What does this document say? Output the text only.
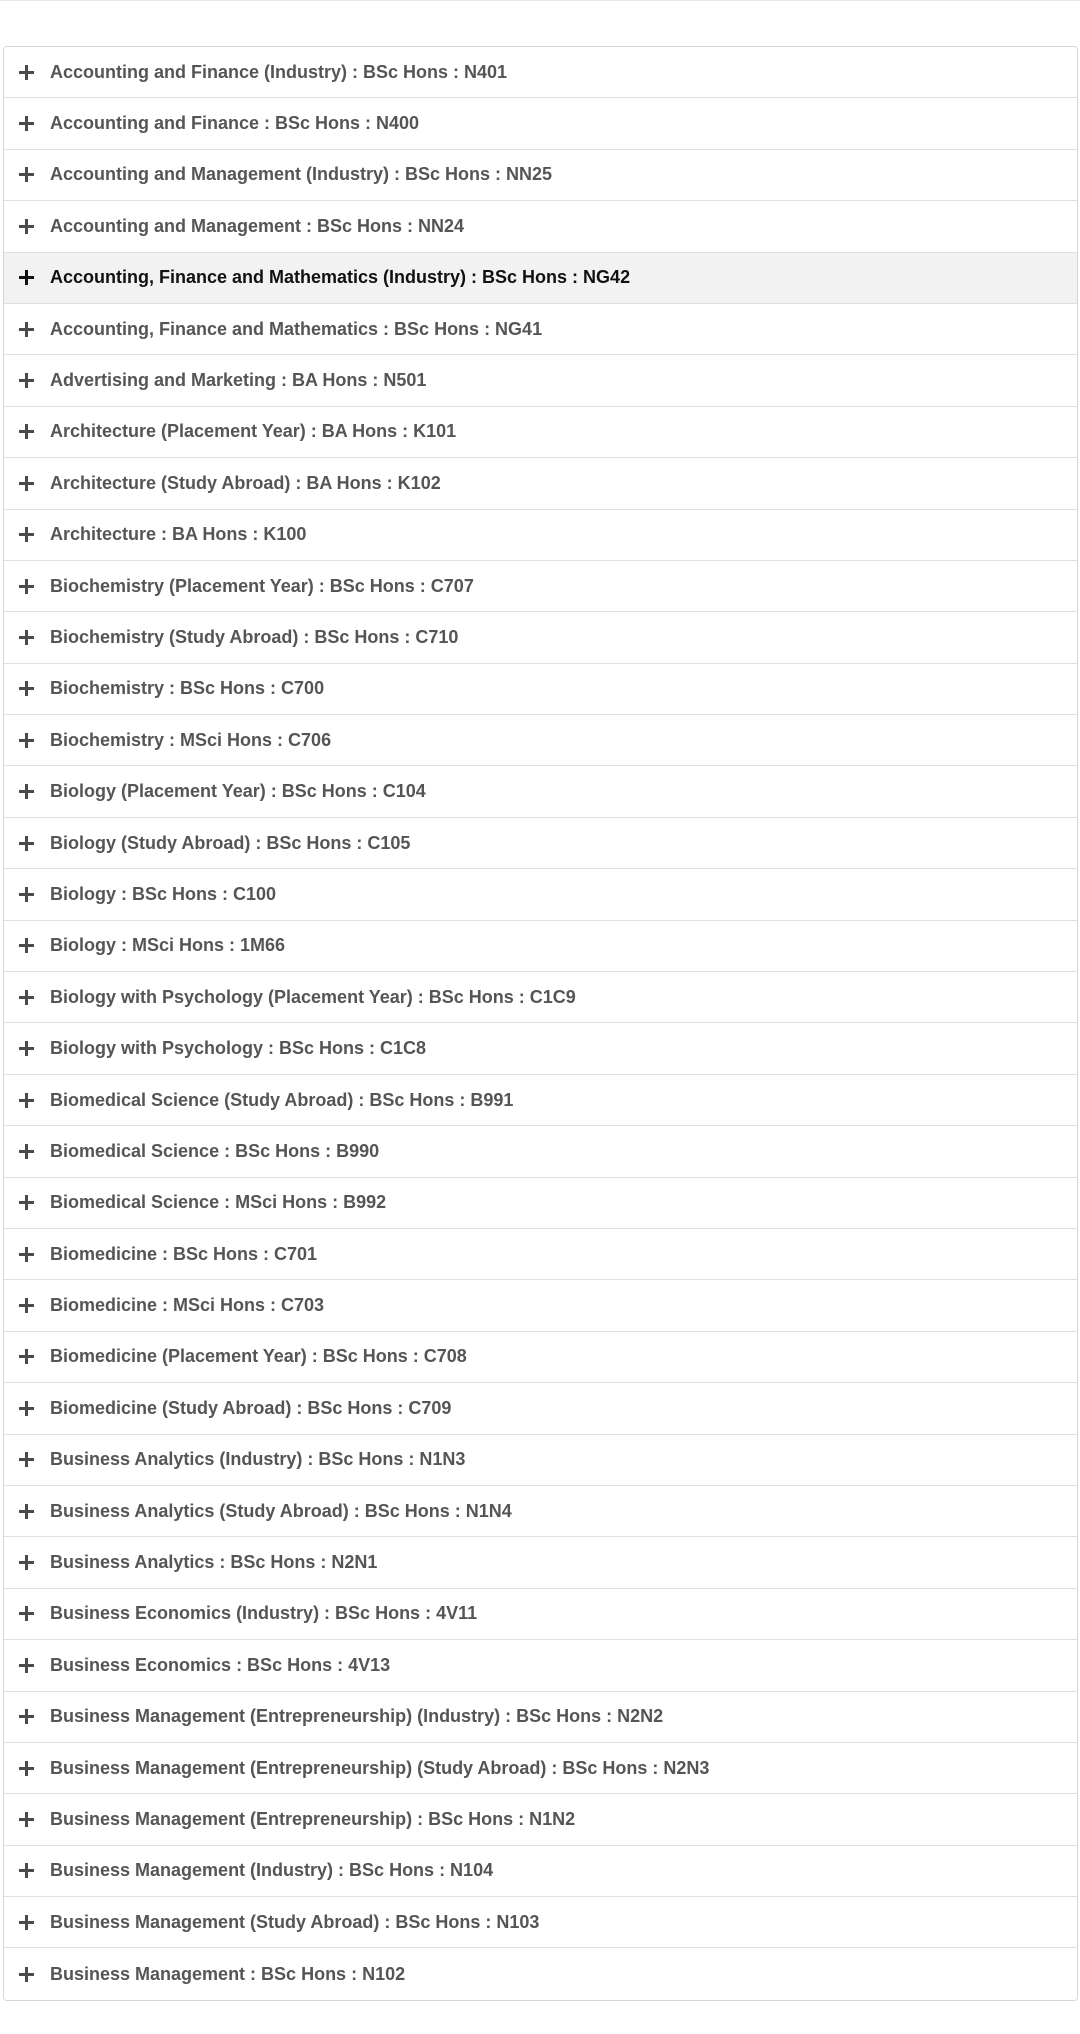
Accounting and Finance (Industry) : BSc Hons : N401
Accounting and Finance : BSc Hons : N400
Accounting and Management (Industry) : BSc Hons : NN25
Accounting and Management : BSc Hons : NN24
Accounting, Finance and Mathematics (Industry) : BSc Hons : NG42
Accounting, Finance and Mathematics : BSc Hons : NG41
Advertising and Marketing : BA Hons : N501
Architecture (Placement Year) : BA Hons : K101
Architecture (Study Abroad) : BA Hons : K102
Architecture : BA Hons : K100
Biochemistry (Placement Year) : BSc Hons : C707
Biochemistry (Study Abroad) : BSc Hons : C710
Biochemistry : BSc Hons : C700
Biochemistry : MSci Hons : C706
Biology (Placement Year) : BSc Hons : C104
Biology (Study Abroad) : BSc Hons : C105
Biology : BSc Hons : C100
Biology : MSci Hons : 1M66
Biology with Psychology (Placement Year) : BSc Hons : C1C9
Biology with Psychology : BSc Hons : C1C8
Biomedical Science (Study Abroad) : BSc Hons : B991
Biomedical Science : BSc Hons : B990
Biomedical Science : MSci Hons : B992
Biomedicine : BSc Hons : C701
Biomedicine : MSci Hons : C703
Biomedicine (Placement Year) : BSc Hons : C708
Biomedicine (Study Abroad) : BSc Hons : C709
Business Analytics (Industry) : BSc Hons : N1N3
Business Analytics (Study Abroad) : BSc Hons : N1N4
Business Analytics : BSc Hons : N2N1
Business Economics (Industry) : BSc Hons : 4V11
Business Economics : BSc Hons : 4V13
Business Management (Entrepreneurship) (Industry) : BSc Hons : N2N2
Business Management (Entrepreneurship) (Study Abroad) : BSc Hons : N2N3
Business Management (Entrepreneurship) : BSc Hons : N1N2
Business Management (Industry) : BSc Hons : N104
Business Management (Study Abroad) : BSc Hons : N103
Business Management : BSc Hons : N102
